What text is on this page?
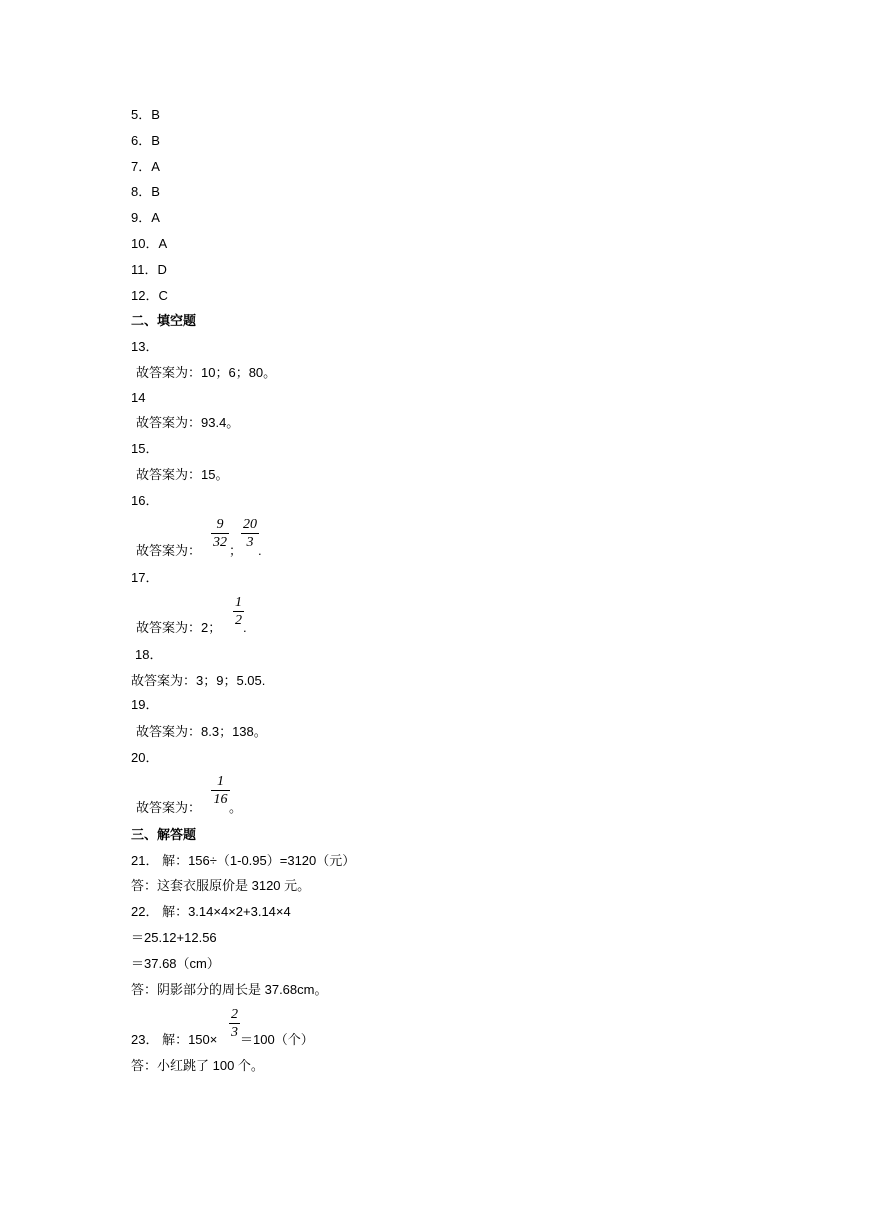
5．B
6．B
7．A
8．B
9．A
10．A
11．D
12．C
二、填空题
13．
故答案为：10；6；80。
14
故答案为：93.4。
15．
故答案为：15。
16．
故答案为：
9
32
；
20
3
.
17．
故答案为：2；
1
2 .
18．
故答案为：3；9；5.05.
19．
故答案为：8.3；138。
20．
故答案为：
1
16
。
三、解答题
21． 解：156÷（1-0.95）=3120（元）
答：这套衣服原价是 3120 元。
22． 解：3.14×4×2+3.14×4
＝25.12+12.56
＝37.68（cm）
答：阴影部分的周长是 37.68cm。
23． 解：150×
2
3 ＝100（个）
答：小红跳了 100 个。
